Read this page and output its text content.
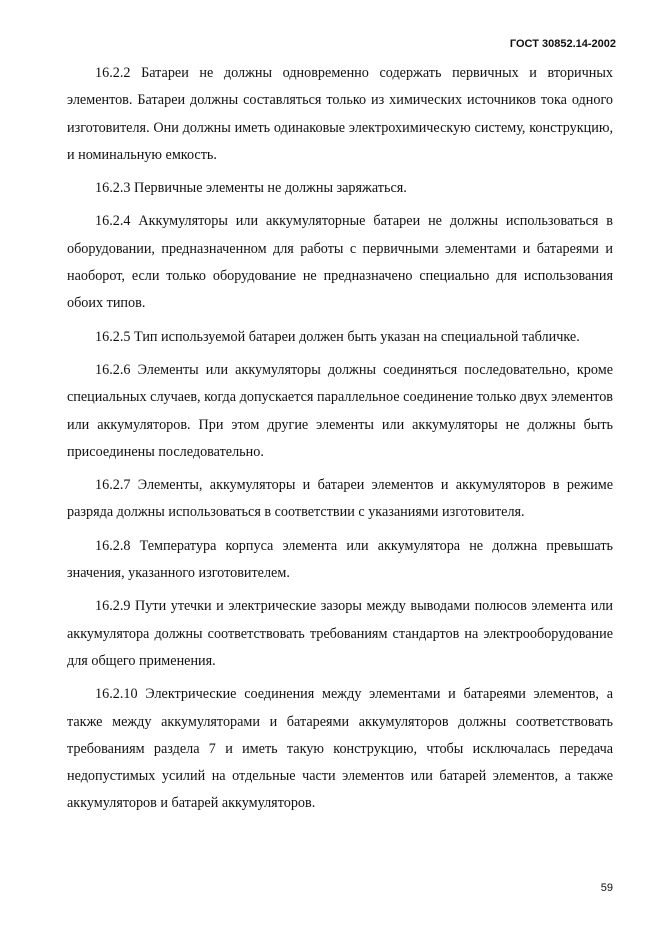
ГОСТ 30852.14-2002

16.2.2 Батареи не должны одновременно содержать первичных и вторичных элементов. Батареи должны составляться только из химических источников тока одного изготовителя. Они должны иметь одинаковые электрохимическую систему, конструкцию, и номинальную емкость.

16.2.3 Первичные элементы не должны заряжаться.

16.2.4 Аккумуляторы или аккумуляторные батареи не должны использоваться в оборудовании, предназначенном для работы с первичными элементами и батареями и наоборот, если только оборудование не предназначено специально для использования обоих типов.

16.2.5 Тип используемой батареи должен быть указан на специальной табличке.

16.2.6 Элементы или аккумуляторы должны соединяться последовательно, кроме специальных случаев, когда допускается параллельное соединение только двух элементов или аккумуляторов. При этом другие элементы или аккумуляторы не должны быть присоединены последовательно.

16.2.7 Элементы, аккумуляторы и батареи элементов и аккумуляторов в режиме разряда должны использоваться в соответствии с указаниями изготовителя.

16.2.8 Температура корпуса элемента или аккумулятора не должна превышать значения, указанного изготовителем.

16.2.9 Пути утечки и электрические зазоры между выводами полюсов элемента или аккумулятора должны соответствовать требованиям стандартов на электрооборудование для общего применения.

16.2.10 Электрические соединения между элементами и батареями элементов, а также между аккумуляторами и батареями аккумуляторов должны соответствовать требованиям раздела 7 и иметь такую конструкцию, чтобы исключалась передача недопустимых усилий на отдельные части элементов или батарей элементов, а также аккумуляторов и батарей аккумуляторов.

59
